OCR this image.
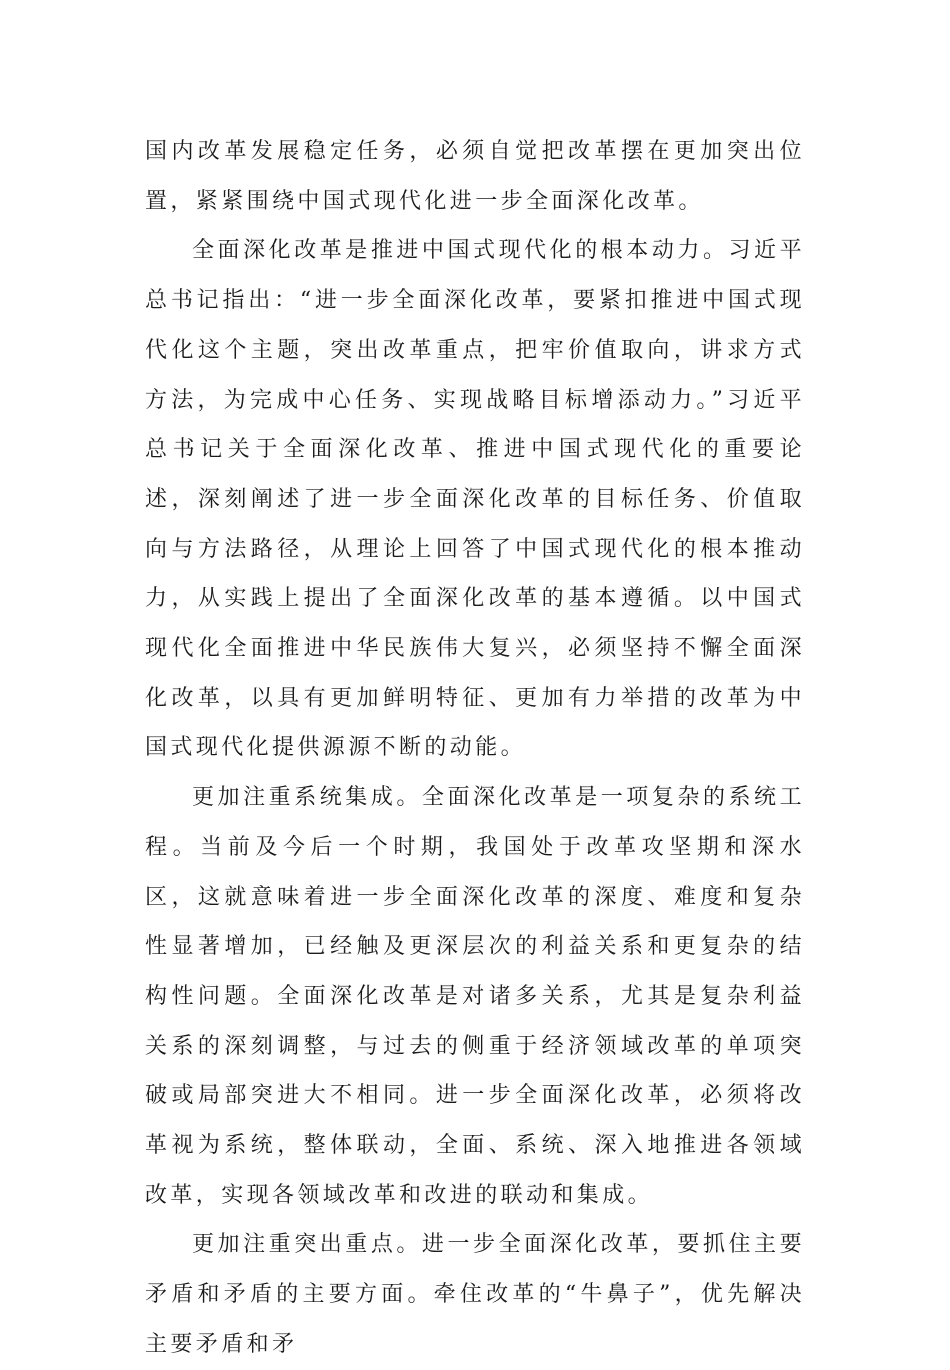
国内改革发展稳定任务，必须自觉把改革摆在更加突出位置，紧紧围绕中国式现代化进一步全面深化改革。

全面深化改革是推进中国式现代化的根本动力。习近平总书记指出：“进一步全面深化改革，要紧扣推进中国式现代化这个主题，突出改革重点，把牢价值取向，讲求方式方法，为完成中心任务、实现战略目标增添动力。”习近平总书记关于全面深化改革、推进中国式现代化的重要论述，深刻阐述了进一步全面深化改革的目标任务、价值取向与方法路径，从理论上回答了中国式现代化的根本推动力，从实践上提出了全面深化改革的基本遵循。以中国式现代化全面推进中华民族伟大复兴，必须坚持不懈全面深化改革，以具有更加鲜明特征、更加有力举措的改革为中国式现代化提供源源不断的动能。

更加注重系统集成。全面深化改革是一项复杂的系统工程。当前及今后一个时期，我国处于改革攻坚期和深水区，这就意味着进一步全面深化改革的深度、难度和复杂性显著增加，已经触及更深层次的利益关系和更复杂的结构性问题。全面深化改革是对诸多关系，尤其是复杂利益关系的深刻调整，与过去的侧重于经济领域改革的单项突破或局部突进大不相同。进一步全面深化改革，必须将改革视为系统，整体联动，全面、系统、深入地推进各领域改革，实现各领域改革和改进的联动和集成。

更加注重突出重点。进一步全面深化改革，要抓住主要矛盾和矛盾的主要方面。牵住改革的“牛鼻子”，优先解决主要矛盾和矛
